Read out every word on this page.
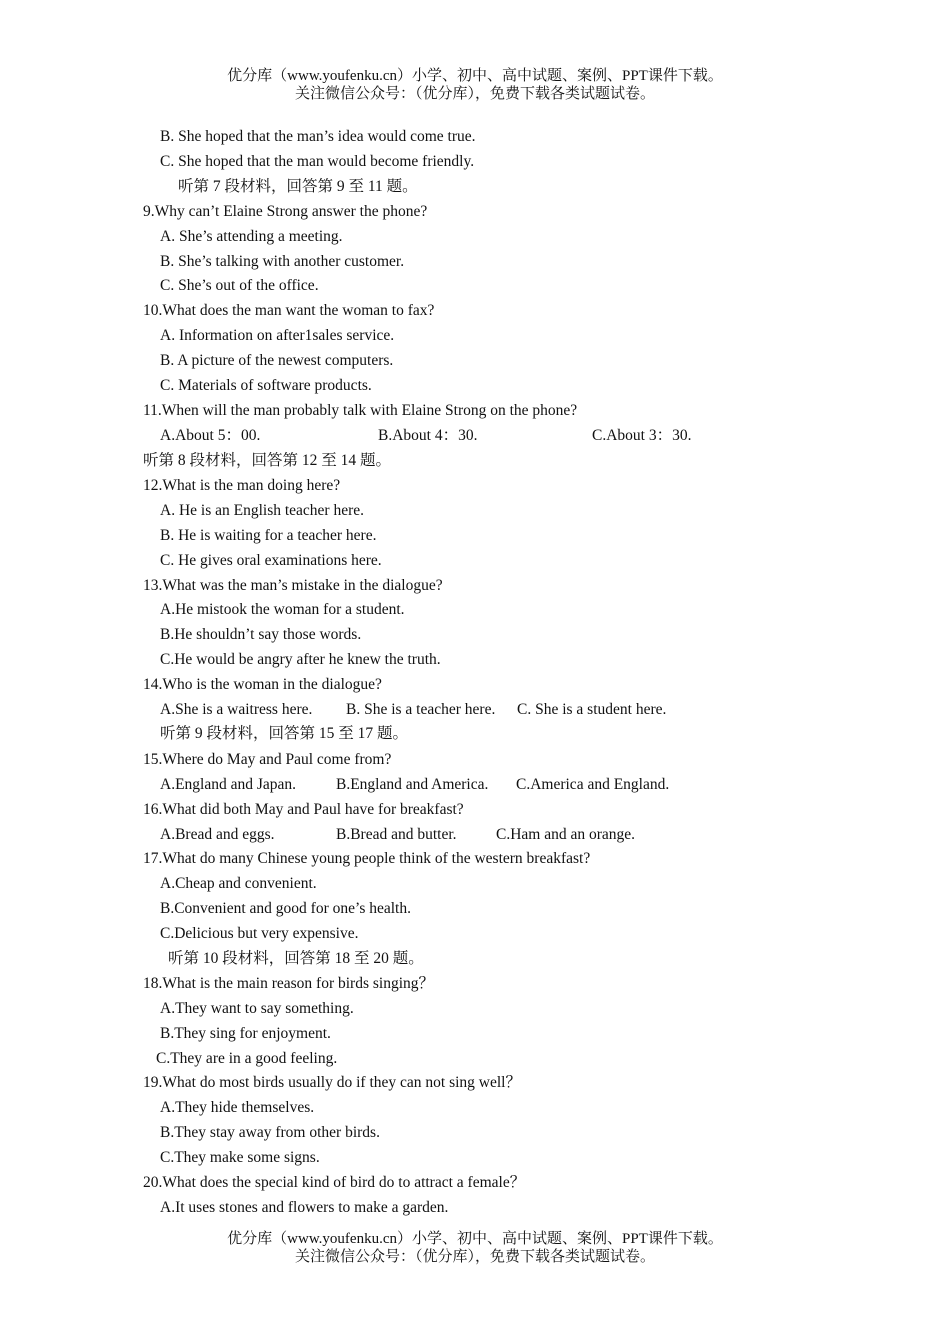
优分库（www.youfenku.cn）小学、初中、高中试题、案例、PPT课件下载。
关注微信公众号：（优分库），免费下载各类试题试卷。
B. She hoped that the man’s idea would come true.
C. She hoped that the man would become friendly.
听第 7 段材料，回答第 9 至 11 题。
9.Why can’t Elaine Strong answer the phone?
A. She’s attending a meeting.
B. She’s talking with another customer.
C. She’s out of the office.
10.What does the man want the woman to fax?
A. Information on after1sales service.
B. A picture of the newest computers.
C. Materials of software products.
11.When will the man probably talk with Elaine Strong on the phone?
A.About 5：00.	B.About 4：30.	C.About 3：30.
听第 8 段材料，回答第 12 至 14 题。
12.What is the man doing here?
A. He is an English teacher here.
B. He is waiting for a teacher here.
C. He gives oral examinations here.
13.What was the man’s mistake in the dialogue?
A.He mistook the woman for a student.
B.He shouldn’t say those words.
C.He would be angry after he knew the truth.
14.Who is the woman in the dialogue?
A.She is a waitress here. B. She is a teacher here. C. She is a student here.
听第 9 段材料，回答第 15 至 17 题。
15.Where do May and Paul come from?
A.England and Japan.	B.England and America. C.America and England.
16.What did both May and Paul have for breakfast?
A.Bread and eggs.	B.Bread and butter.	C.Ham and an orange.
17.What do many Chinese young people think of the western breakfast?
A.Cheap and convenient.
B.Convenient and good for one’s health.
C.Delicious but very expensive.
听第 10 段材料，回答第 18 至 20 题。
18.What is the main reason for birds singing？
A.They want to say something.
B.They sing for enjoyment.
C.They are in a good feeling.
19.What do most birds usually do if they can not sing well？
A.They hide themselves.
B.They stay away from other birds.
C.They make some signs.
20.What does the special kind of bird do to attract a female？
A.It uses stones and flowers to make a garden.
优分库（www.youfenku.cn）小学、初中、高中试题、案例、PPT课件下载。
关注微信公众号：（优分库），免费下载各类试题试卷。
